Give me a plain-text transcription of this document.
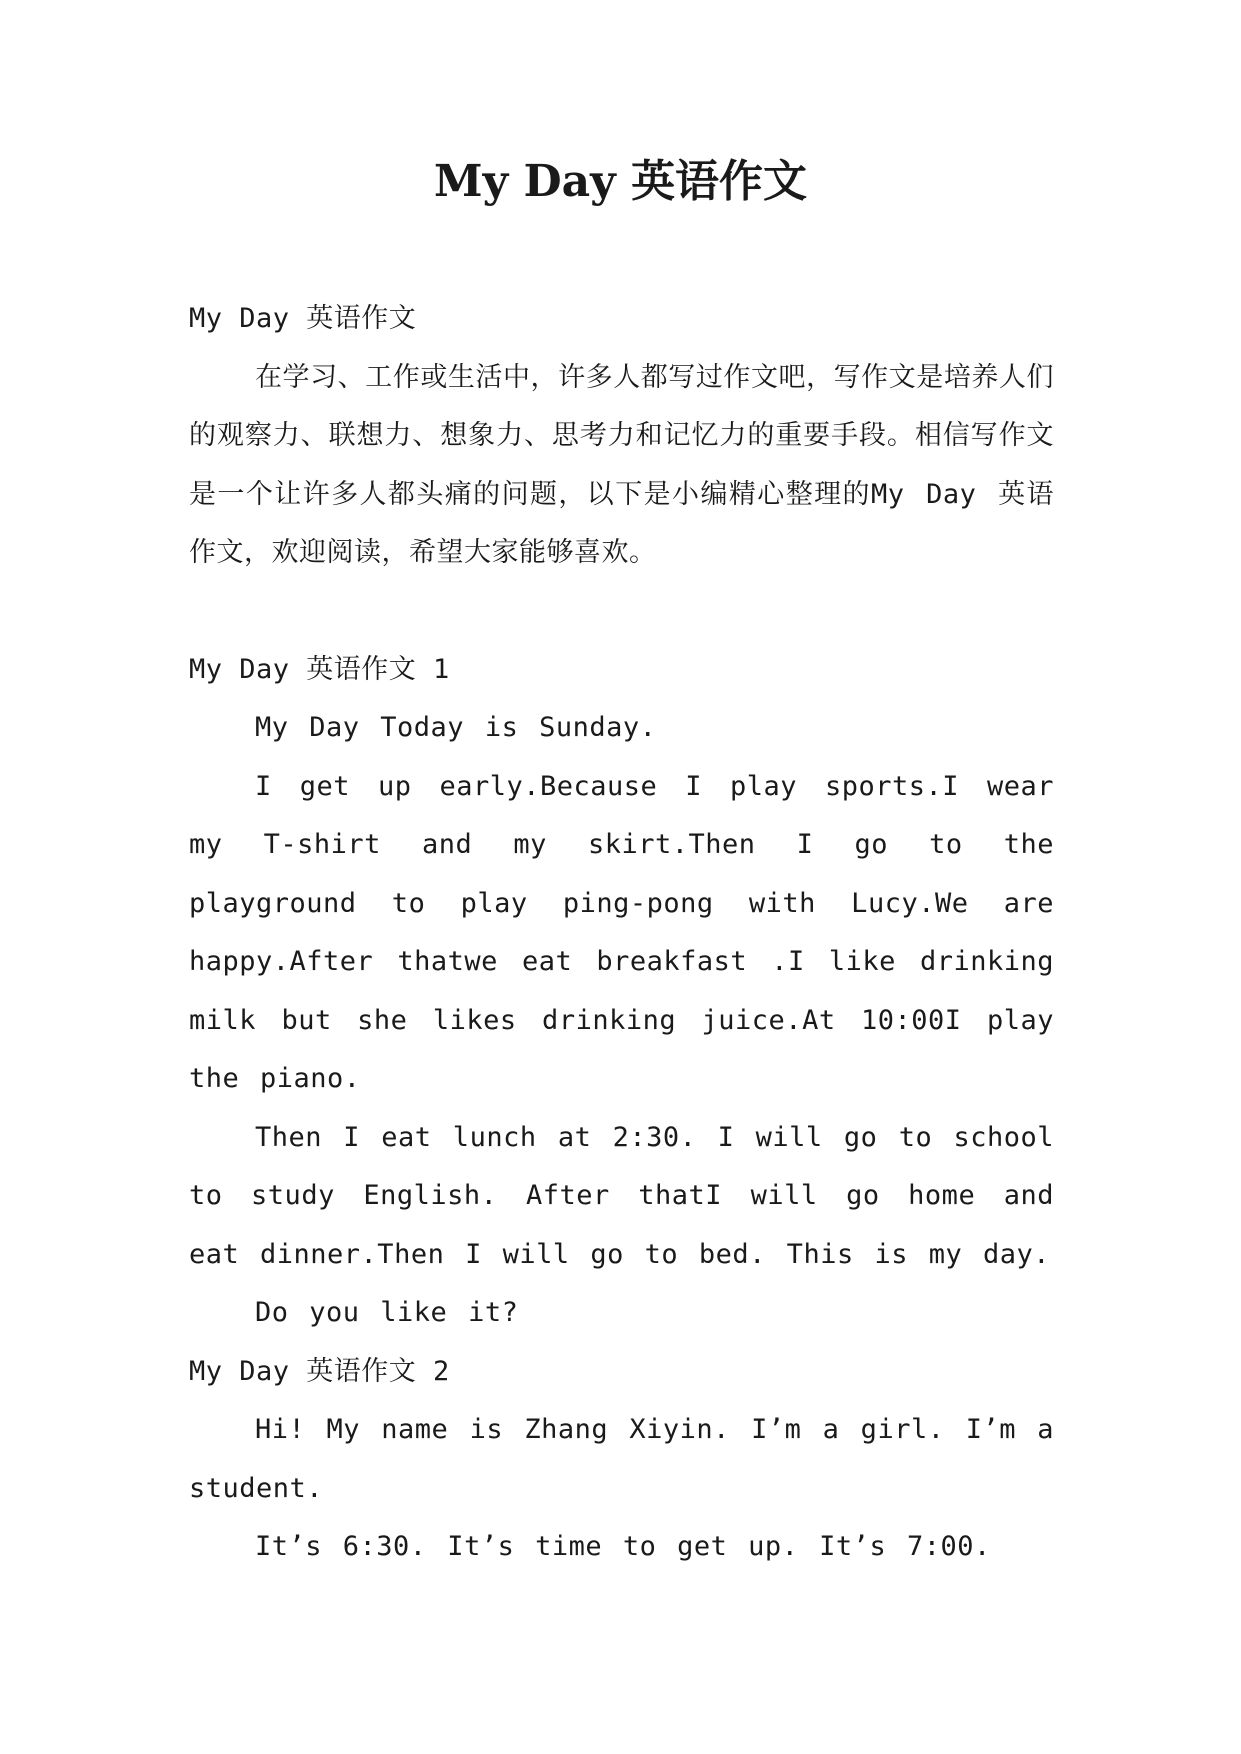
My Day 英语作文

My Day 英语作文

在学习、工作或生活中，许多人都写过作文吧，写作文是培养人们的观察力、联想力、想象力、思考力和记忆力的重要手段。相信写作文是一个让许多人都头痛的问题，以下是小编精心整理的My Day 英语作文，欢迎阅读，希望大家能够喜欢。

My Day 英语作文 1

My Day Today is Sunday.

I get up early.Because I play sports.I wear my T-shirt and my skirt.Then I go to the playground to play ping-pong with Lucy.We are happy.After thatwe eat breakfast .I like drinking milk but she likes drinking juice.At 10:00I play the piano.

Then I eat lunch at 2:30. I will go to school to study English. After thatI will go home and eat dinner.Then I will go to bed. This is my day.

Do you like it?

My Day 英语作文 2

Hi! My name is Zhang Xiyin. I’m a girl. I’m a student.

It’s 6:30. It’s time to get up. It’s 7:00.
